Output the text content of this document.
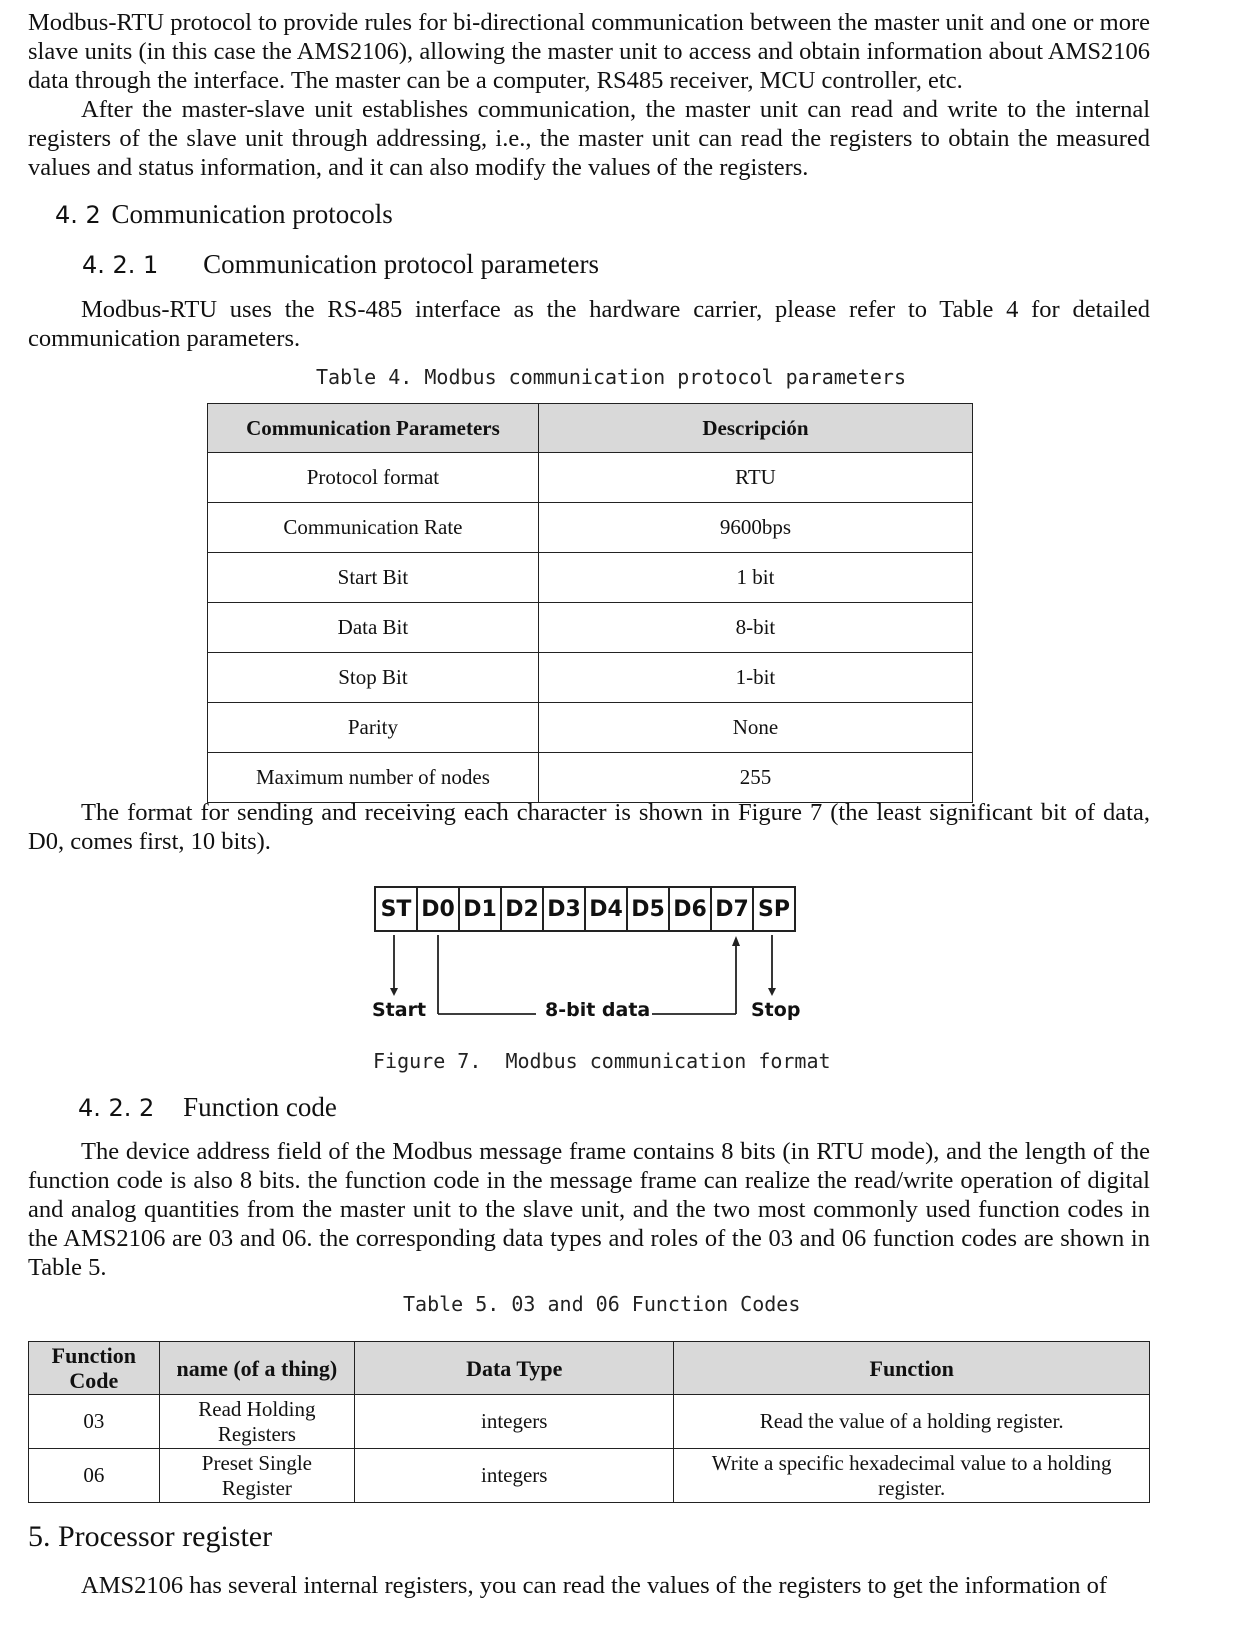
Modbus-RTU protocol to provide rules for bi-directional communication between the master unit and one or more slave units (in this case the AMS2106), allowing the master unit to access and obtain information about AMS2106 data through the interface. The master can be a computer, RS485 receiver, MCU controller, etc.

After the master-slave unit establishes communication, the master unit can read and write to the internal registers of the slave unit through addressing, i.e., the master unit can read the registers to obtain the measured values and status information, and it can also modify the values of the registers.

4. 2 Communication protocols
4. 2. 1 Communication protocol parameters

Modbus-RTU uses the RS-485 interface as the hardware carrier, please refer to Table 4 for detailed communication parameters.

Table 4. Modbus communication protocol parameters
Communication Parameters	Descripción
Protocol format	RTU
Communication Rate	9600bps
Start Bit	1 bit
Data Bit	8-bit
Stop Bit	1-bit
Parity	None
Maximum number of nodes	255

The format for sending and receiving each character is shown in Figure 7 (the least significant bit of data, D0, comes first, 10 bits).

ST D0 D1 D2 D3 D4 D5 D6 D7 SP
Start	8-bit data	Stop
Figure 7.  Modbus communication format
4. 2. 2 Function code

The device address field of the Modbus message frame contains 8 bits (in RTU mode), and the length of the function code is also 8 bits. the function code in the message frame can realize the read/write operation of digital and analog quantities from the master unit to the slave unit, and the two most commonly used function codes in the AMS2106 are 03 and 06. the corresponding data types and roles of the 03 and 06 function codes are shown in Table 5.

Table 5. 03 and 06 Function Codes
Function Code	name (of a thing)	Data Type	Function
03	Read Holding Registers	integers	Read the value of a holding register.
06	Preset Single Register	integers	Write a specific hexadecimal value to a holding register.
5. Processor register

AMS2106 has several internal registers, you can read the values of the registers to get the information of
